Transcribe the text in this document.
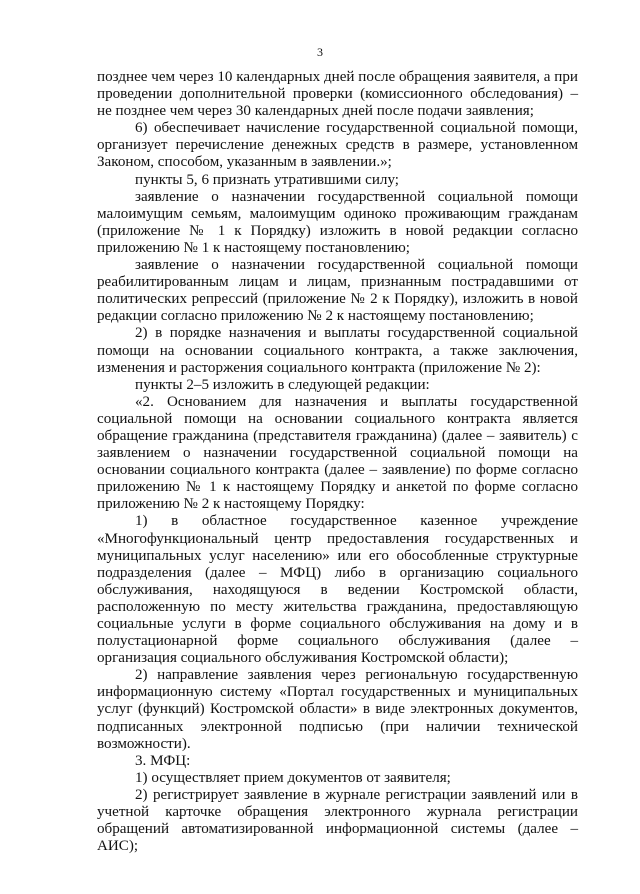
3

позднее чем через 10 календарных дней после обращения заявителя, а при проведении дополнительной проверки (комиссионного обследования) – не позднее чем через 30 календарных дней после подачи заявления;

6) обеспечивает начисление государственной социальной помощи, организует перечисление денежных средств в размере, установленном Законом, способом, указанным в заявлении.»;

пункты 5, 6 признать утратившими силу;

заявление о назначении государственной социальной помощи малоимущим семьям, малоимущим одиноко проживающим гражданам (приложение № 1 к Порядку) изложить в новой редакции согласно приложению № 1 к настоящему постановлению;

заявление о назначении государственной социальной помощи реабилитированным лицам и лицам, признанным пострадавшими от политических репрессий (приложение № 2 к Порядку), изложить в новой редакции согласно приложению № 2 к настоящему постановлению;

2) в порядке назначения и выплаты государственной социальной помощи на основании социального контракта, а также заключения, изменения и расторжения социального контракта (приложение № 2):

пункты 2–5 изложить в следующей редакции:

«2. Основанием для назначения и выплаты государственной социальной помощи на основании социального контракта является обращение гражданина (представителя гражданина) (далее – заявитель) с заявлением о назначении государственной социальной помощи на основании социального контракта (далее – заявление) по форме согласно приложению № 1 к настоящему Порядку и анкетой по форме согласно приложению № 2 к настоящему Порядку:

1) в областное государственное казенное учреждение «Многофункциональный центр предоставления государственных и муниципальных услуг населению» или его обособленные структурные подразделения (далее – МФЦ) либо в организацию социального обслуживания, находящуюся в ведении Костромской области, расположенную по месту жительства гражданина, предоставляющую социальные услуги в форме социального обслуживания на дому и в полустационарной форме социального обслуживания (далее – организация социального обслуживания Костромской области);

2) направление заявления через региональную государственную информационную систему «Портал государственных и муниципальных услуг (функций) Костромской области» в виде электронных документов, подписанных электронной подписью (при наличии технической возможности).

3. МФЦ:

1) осуществляет прием документов от заявителя;

2) регистрирует заявление в журнале регистрации заявлений или в учетной карточке обращения электронного журнала регистрации обращений автоматизированной информационной системы (далее – АИС);
